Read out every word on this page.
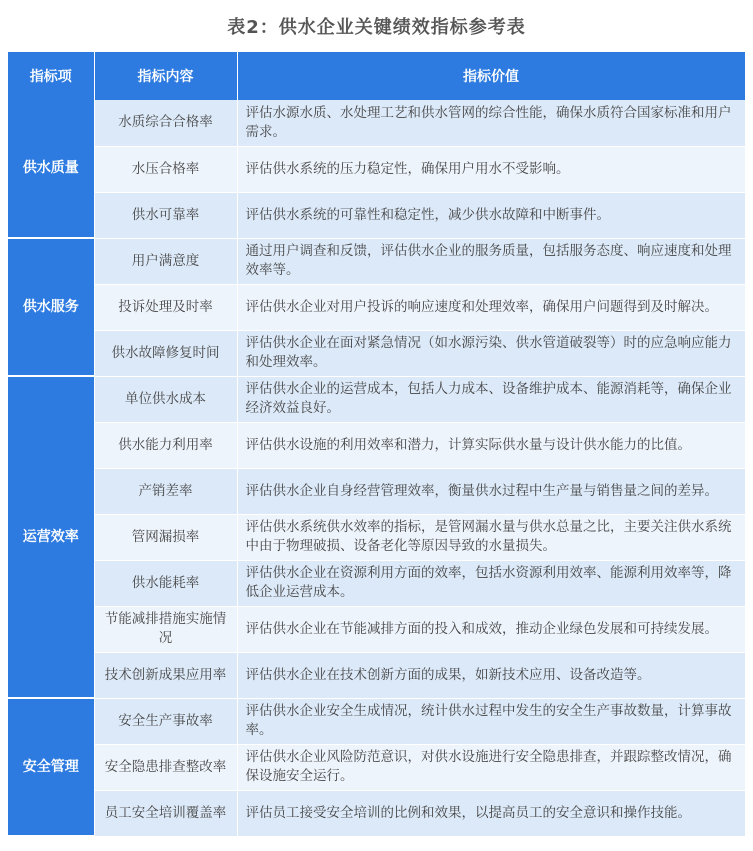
表2：供水企业关键绩效指标参考表
指标项	指标内容	指标价值
供水质量	水质综合合格率	评估水源水质、水处理工艺和供水管网的综合性能，确保水质符合国家标准和用户需求。
	水压合格率	评估供水系统的压力稳定性，确保用户用水不受影响。
	供水可靠率	评估供水系统的可靠性和稳定性，减少供水故障和中断事件。
供水服务	用户满意度	通过用户调查和反馈，评估供水企业的服务质量，包括服务态度、响应速度和处理效率等。
	投诉处理及时率	评估供水企业对用户投诉的响应速度和处理效率，确保用户问题得到及时解决。
	供水故障修复时间	评估供水企业在面对紧急情况（如水源污染、供水管道破裂等）时的应急响应能力和处理效率。
运营效率	单位供水成本	评估供水企业的运营成本，包括人力成本、设备维护成本、能源消耗等，确保企业经济效益良好。
	供水能力利用率	评估供水设施的利用效率和潜力，计算实际供水量与设计供水能力的比值。
	产销差率	评估供水企业自身经营管理效率，衡量供水过程中生产量与销售量之间的差异。
	管网漏损率	评估供水系统供水效率的指标，是管网漏水量与供水总量之比，主要关注供水系统中由于物理破损、设备老化等原因导致的水量损失。
	供水能耗率	评估供水企业在资源利用方面的效率，包括水资源利用效率、能源利用效率等，降低企业运营成本。
	节能减排措施实施情况	评估供水企业在节能减排方面的投入和成效，推动企业绿色发展和可持续发展。
	技术创新成果应用率	评估供水企业在技术创新方面的成果，如新技术应用、设备改造等。
安全管理	安全生产事故率	评估供水企业安全生成情况，统计供水过程中发生的安全生产事故数量，计算事故率。
	安全隐患排查整改率	评估供水企业风险防范意识，对供水设施进行安全隐患排查，并跟踪整改情况，确保设施安全运行。
	员工安全培训覆盖率	评估员工接受安全培训的比例和效果，以提高员工的安全意识和操作技能。
